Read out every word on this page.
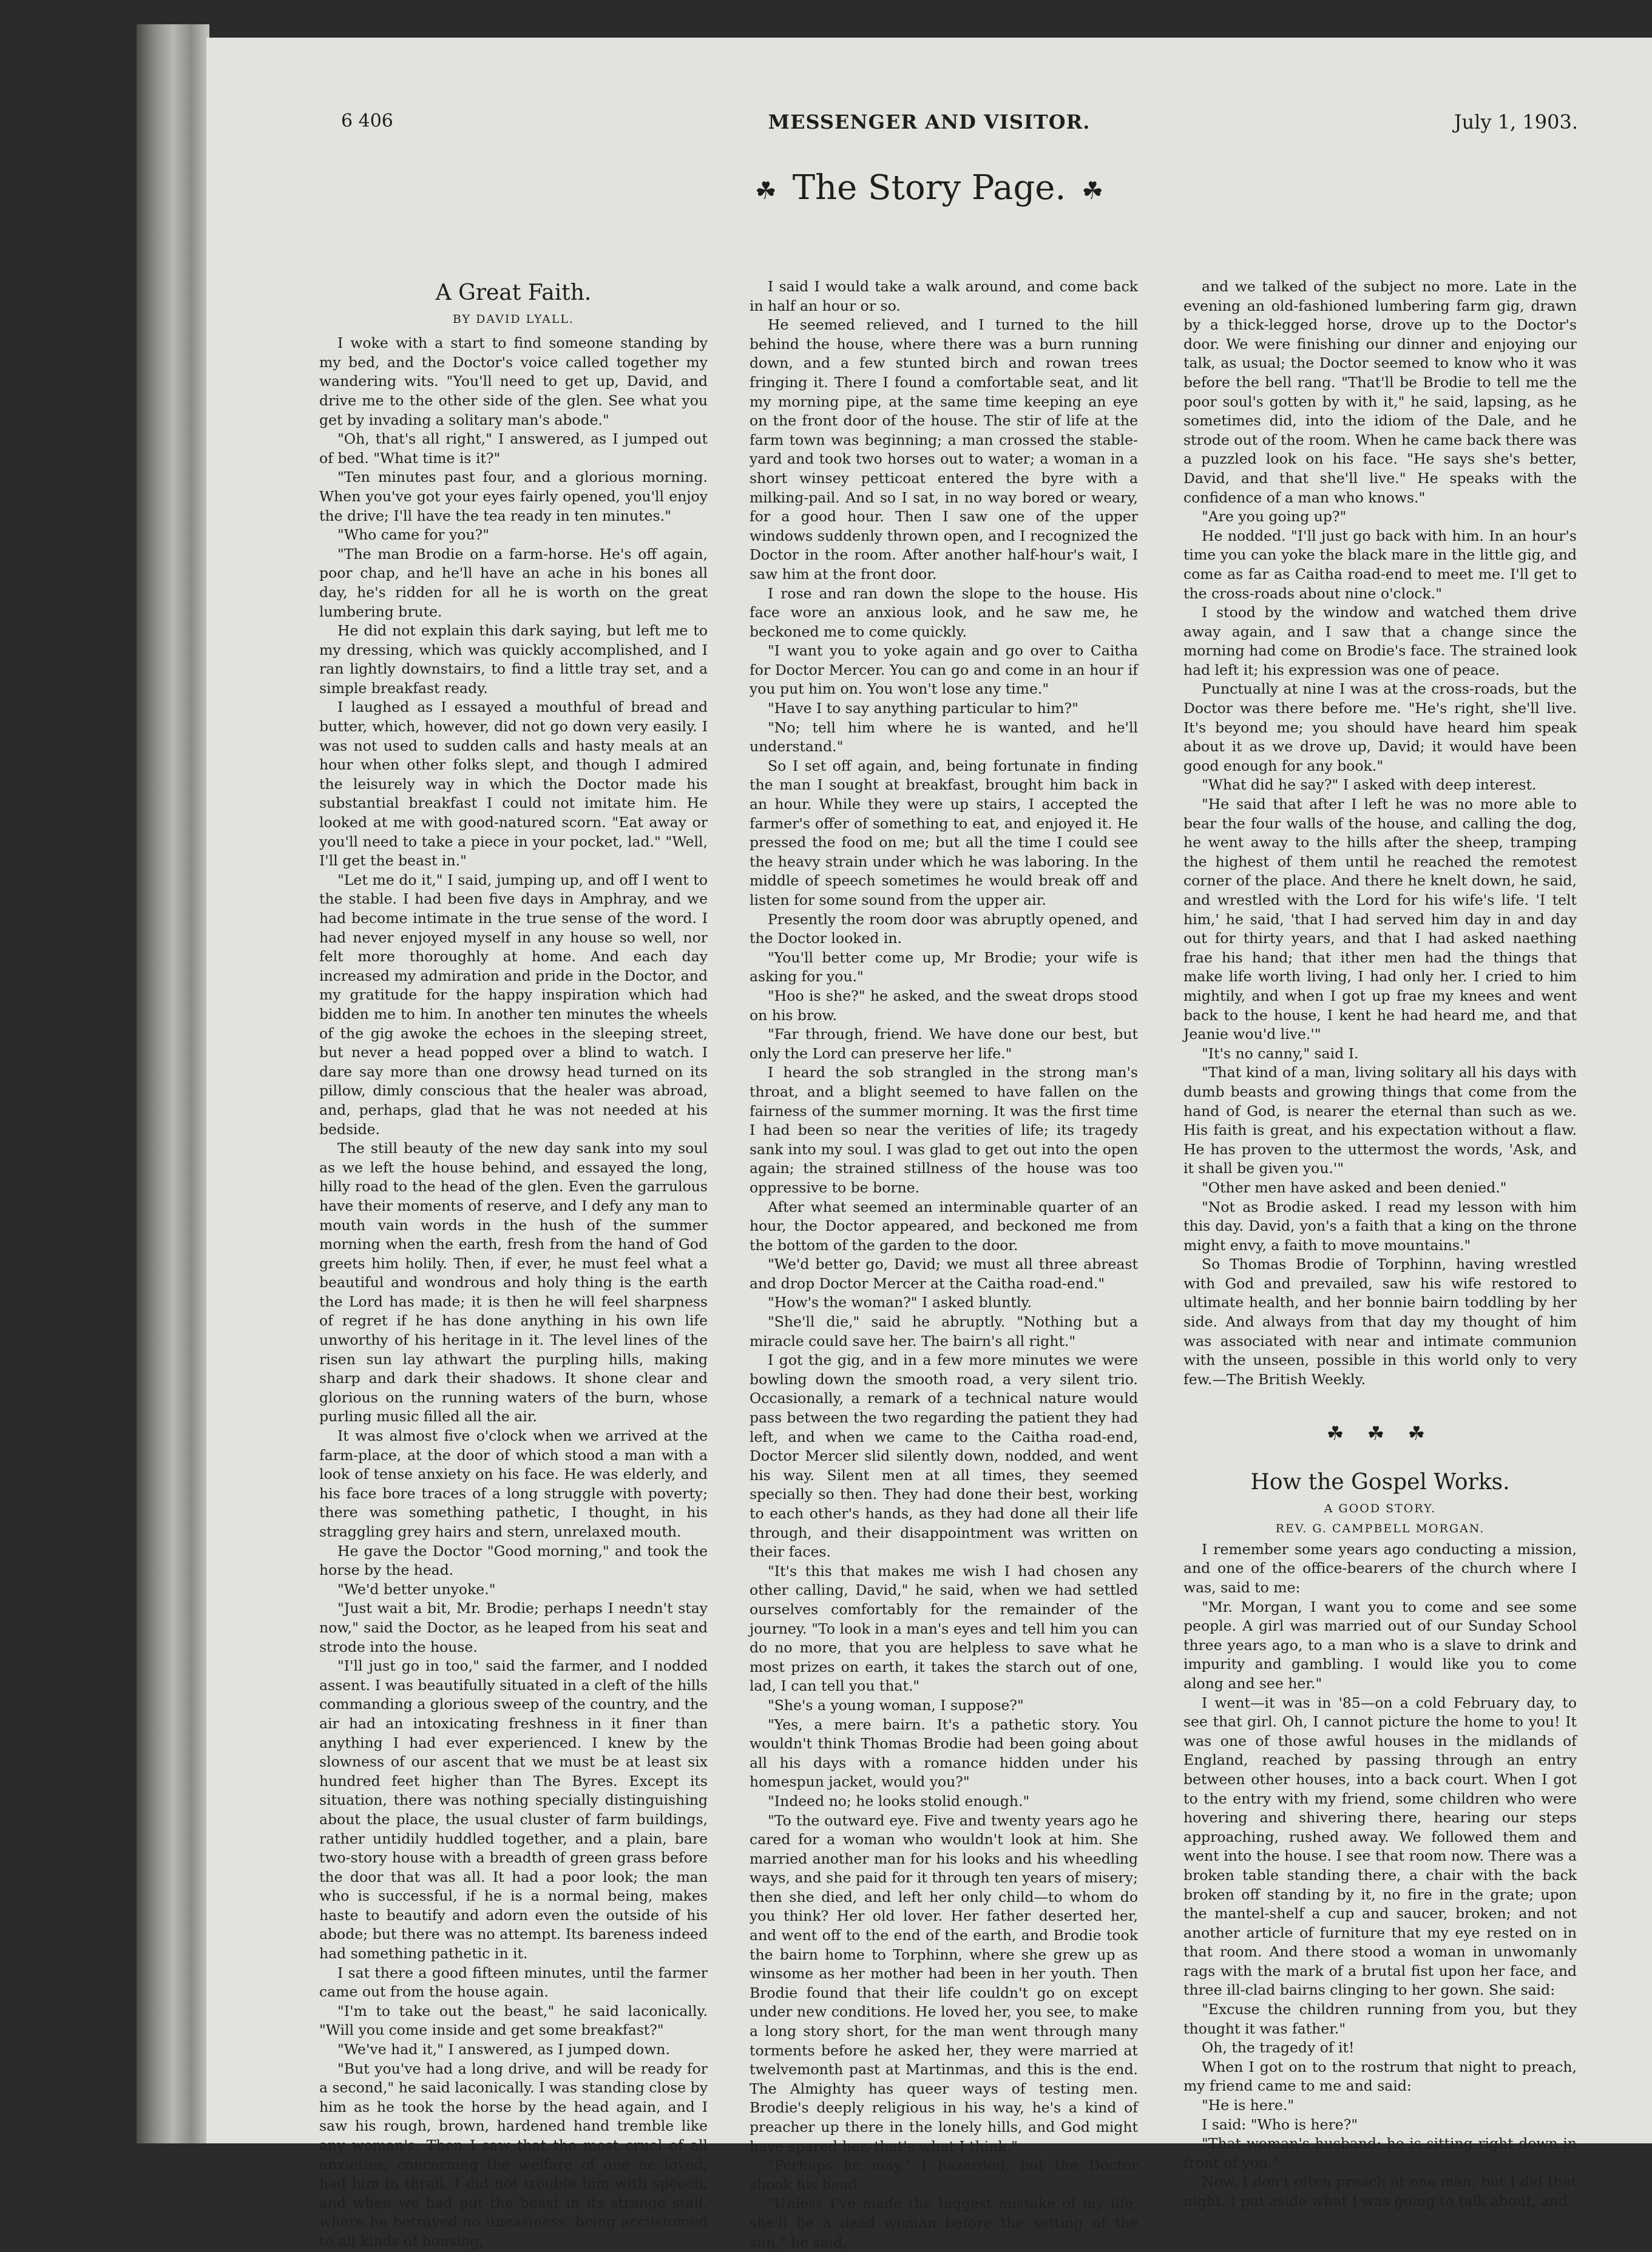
6 406	MESSENGER AND VISITOR.	July 1, 1903.
☘ The Story Page. ☘
A Great Faith.
BY DAVID LYALL.

I woke with a start to find someone standing by my bed, and the Doctor's voice called together my wandering wits. "You'll need to get up, David, and drive me to the other side of the glen. See what you get by invading a solitary man's abode."

"Oh, that's all right," I answered, as I jumped out of bed. "What time is it?"

"Ten minutes past four, and a glorious morning. When you've got your eyes fairly opened, you'll enjoy the drive; I'll have the tea ready in ten minutes."

"Who came for you?"

"The man Brodie on a farm-horse. He's off again, poor chap, and he'll have an ache in his bones all day, he's ridden for all he is worth on the great lumbering brute.

He did not explain this dark saying, but left me to my dressing, which was quickly accomplished, and I ran lightly downstairs, to find a little tray set, and a simple breakfast ready.

I laughed as I essayed a mouthful of bread and butter, which, however, did not go down very easily. I was not used to sudden calls and hasty meals at an hour when other folks slept, and though I admired the leisurely way in which the Doctor made his substantial breakfast I could not imitate him. He looked at me with good-natured scorn. "Eat away or you'll need to take a piece in your pocket, lad." "Well, I'll get the beast in."

"Let me do it," I said, jumping up, and off I went to the stable. I had been five days in Amphray, and we had become intimate in the true sense of the word. I had never enjoyed myself in any house so well, nor felt more thoroughly at home. And each day increased my admiration and pride in the Doctor, and my gratitude for the happy inspiration which had bidden me to him. In another ten minutes the wheels of the gig awoke the echoes in the sleeping street, but never a head popped over a blind to watch. I dare say more than one drowsy head turned on its pillow, dimly conscious that the healer was abroad, and, perhaps, glad that he was not needed at his bedside.

The still beauty of the new day sank into my soul as we left the house behind, and essayed the long, hilly road to the head of the glen. Even the garrulous have their moments of reserve, and I defy any man to mouth vain words in the hush of the summer morning when the earth, fresh from the hand of God greets him holily. Then, if ever, he must feel what a beautiful and wondrous and holy thing is the earth the Lord has made; it is then he will feel sharpness of regret if he has done anything in his own life unworthy of his heritage in it. The level lines of the risen sun lay athwart the purpling hills, making sharp and dark their shadows. It shone clear and glorious on the running waters of the burn, whose purling music filled all the air.

It was almost five o'clock when we arrived at the farm-place, at the door of which stood a man with a look of tense anxiety on his face. He was elderly, and his face bore traces of a long struggle with poverty; there was something pathetic, I thought, in his straggling grey hairs and stern, unrelaxed mouth.

He gave the Doctor "Good morning," and took the horse by the head.

"We'd better unyoke."

"Just wait a bit, Mr. Brodie; perhaps I needn't stay now," said the Doctor, as he leaped from his seat and strode into the house.

"I'll just go in too," said the farmer, and I nodded assent. I was beautifully situated in a cleft of the hills commanding a glorious sweep of the country, and the air had an intoxicating freshness in it finer than anything I had ever experienced. I knew by the slowness of our ascent that we must be at least six hundred feet higher than The Byres. Except its situation, there was nothing specially distinguishing about the place, the usual cluster of farm buildings, rather untidily huddled together, and a plain, bare two-story house with a breadth of green grass before the door that was all. It had a poor look; the man who is successful, if he is a normal being, makes haste to beautify and adorn even the outside of his abode; but there was no attempt. Its bareness indeed had something pathetic in it.

I sat there a good fifteen minutes, until the farmer came out from the house again.

"I'm to take out the beast," he said laconically. "Will you come inside and get some breakfast?"

"We've had it," I answered, as I jumped down.

"But you've had a long drive, and will be ready for a second," he said laconically. I was standing close by him as he took the horse by the head again, and I saw his rough, brown, hardened hand tremble like any woman's. Then I saw that the most cruel of all anxieties, concerning the welfare of one he loved, had him in thrall. I did not trouble him with speech, and when we had put the beast in its strange stall, where he betrayed no uneasiness, being accustomed to all kinds of housing,

I said I would take a walk around, and come back in half an hour or so.

He seemed relieved, and I turned to the hill behind the house, where there was a burn running down, and a few stunted birch and rowan trees fringing it. There I found a comfortable seat, and lit my morning pipe, at the same time keeping an eye on the front door of the house. The stir of life at the farm town was beginning; a man crossed the stable-yard and took two horses out to water; a woman in a short winsey petticoat entered the byre with a milking-pail. And so I sat, in no way bored or weary, for a good hour. Then I saw one of the upper windows suddenly thrown open, and I recognized the Doctor in the room. After another half-hour's wait, I saw him at the front door.

I rose and ran down the slope to the house. His face wore an anxious look, and he saw me, he beckoned me to come quickly.

"I want you to yoke again and go over to Caitha for Doctor Mercer. You can go and come in an hour if you put him on. You won't lose any time."

"Have I to say anything particular to him?"

"No; tell him where he is wanted, and he'll understand."

So I set off again, and, being fortunate in finding the man I sought at breakfast, brought him back in an hour. While they were up stairs, I accepted the farmer's offer of something to eat, and enjoyed it. He pressed the food on me; but all the time I could see the heavy strain under which he was laboring. In the middle of speech sometimes he would break off and listen for some sound from the upper air.

Presently the room door was abruptly opened, and the Doctor looked in.

"You'll better come up, Mr Brodie; your wife is asking for you."

"Hoo is she?" he asked, and the sweat drops stood on his brow.

"Far through, friend. We have done our best, but only the Lord can preserve her life."

I heard the sob strangled in the strong man's throat, and a blight seemed to have fallen on the fairness of the summer morning. It was the first time I had been so near the verities of life; its tragedy sank into my soul. I was glad to get out into the open again; the strained stillness of the house was too oppressive to be borne.

After what seemed an interminable quarter of an hour, the Doctor appeared, and beckoned me from the bottom of the garden to the door.

"We'd better go, David; we must all three abreast and drop Doctor Mercer at the Caitha road-end."

"How's the woman?" I asked bluntly.

"She'll die," said he abruptly. "Nothing but a miracle could save her. The bairn's all right."

I got the gig, and in a few more minutes we were bowling down the smooth road, a very silent trio. Occasionally, a remark of a technical nature would pass between the two regarding the patient they had left, and when we came to the Caitha road-end, Doctor Mercer slid silently down, nodded, and went his way. Silent men at all times, they seemed specially so then. They had done their best, working to each other's hands, as they had done all their life through, and their disappointment was written on their faces.

"It's this that makes me wish I had chosen any other calling, David," he said, when we had settled ourselves comfortably for the remainder of the journey. "To look in a man's eyes and tell him you can do no more, that you are helpless to save what he most prizes on earth, it takes the starch out of one, lad, I can tell you that."

"She's a young woman, I suppose?"

"Yes, a mere bairn. It's a pathetic story. You wouldn't think Thomas Brodie had been going about all his days with a romance hidden under his homespun jacket, would you?"

"Indeed no; he looks stolid enough."

"To the outward eye. Five and twenty years ago he cared for a woman who wouldn't look at him. She married another man for his looks and his wheedling ways, and she paid for it through ten years of misery; then she died, and left her only child—to whom do you think? Her old lover. Her father deserted her, and went off to the end of the earth, and Brodie took the bairn home to Torphinn, where she grew up as winsome as her mother had been in her youth. Then Brodie found that their life couldn't go on except under new conditions. He loved her, you see, to make a long story short, for the man went through many torments before he asked her, they were married at twelvemonth past at Martinmas, and this is the end. The Almighty has queer ways of testing men. Brodie's deeply religious in his way, he's a kind of preacher up there in the lonely hills, and God might have spared her, that's what I think."

"Perhaps he may," I hazarded, but the Doctor shook his head.

"Unless I've made the biggest mistake of my life, she'll be a dead woman before the setting of the sun," he said,

and we talked of the subject no more. Late in the evening an old-fashioned lumbering farm gig, drawn by a thick-legged horse, drove up to the Doctor's door. We were finishing our dinner and enjoying our talk, as usual; the Doctor seemed to know who it was before the bell rang. "That'll be Brodie to tell me the poor soul's gotten by with it," he said, lapsing, as he sometimes did, into the idiom of the Dale, and he strode out of the room. When he came back there was a puzzled look on his face. "He says she's better, David, and that she'll live." He speaks with the confidence of a man who knows."

"Are you going up?"

He nodded. "I'll just go back with him. In an hour's time you can yoke the black mare in the little gig, and come as far as Caitha road-end to meet me. I'll get to the cross-roads about nine o'clock."

I stood by the window and watched them drive away again, and I saw that a change since the morning had come on Brodie's face. The strained look had left it; his expression was one of peace.

Punctually at nine I was at the cross-roads, but the Doctor was there before me. "He's right, she'll live. It's beyond me; you should have heard him speak about it as we drove up, David; it would have been good enough for any book."

"What did he say?" I asked with deep interest.

"He said that after I left he was no more able to bear the four walls of the house, and calling the dog, he went away to the hills after the sheep, tramping the highest of them until he reached the remotest corner of the place. And there he knelt down, he said, and wrestled with the Lord for his wife's life. 'I telt him,' he said, 'that I had served him day in and day out for thirty years, and that I had asked naething frae his hand; that ither men had the things that make life worth living, I had only her. I cried to him mightily, and when I got up frae my knees and went back to the house, I kent he had heard me, and that Jeanie wou'd live.'"

"It's no canny," said I.

"That kind of a man, living solitary all his days with dumb beasts and growing things that come from the hand of God, is nearer the eternal than such as we. His faith is great, and his expectation without a flaw. He has proven to the uttermost the words, 'Ask, and it shall be given you.'"

"Other men have asked and been denied."

"Not as Brodie asked. I read my lesson with him this day. David, yon's a faith that a king on the throne might envy, a faith to move mountains."

So Thomas Brodie of Torphinn, having wrestled with God and prevailed, saw his wife restored to ultimate health, and her bonnie bairn toddling by her side. And always from that day my thought of him was associated with near and intimate communion with the unseen, possible in this world only to very few.—The British Weekly.

☘ ☘ ☘
How the Gospel Works.
A GOOD STORY.
REV. G. CAMPBELL MORGAN.

I remember some years ago conducting a mission, and one of the office-bearers of the church where I was, said to me:

"Mr. Morgan, I want you to come and see some people. A girl was married out of our Sunday School three years ago, to a man who is a slave to drink and impurity and gambling. I would like you to come along and see her."

I went—it was in '85—on a cold February day, to see that girl. Oh, I cannot picture the home to you! It was one of those awful houses in the midlands of England, reached by passing through an entry between other houses, into a back court. When I got to the entry with my friend, some children who were hovering and shivering there, hearing our steps approaching, rushed away. We followed them and went into the house. I see that room now. There was a broken table standing there, a chair with the back broken off standing by it, no fire in the grate; upon the mantel-shelf a cup and saucer, broken; and not another article of furniture that my eye rested on in that room. And there stood a woman in unwomanly rags with the mark of a brutal fist upon her face, and three ill-clad bairns clinging to her gown. She said:

"Excuse the children running from you, but they thought it was father."

Oh, the tragedy of it!

When I got on to the rostrum that night to preach, my friend came to me and said:

"He is here."

I said: "Who is here?"

"That woman's husband; he is sitting right down in front of you."

Now, I don't often preach at one man, but I did that night. I put aside what I was going to talk about, and
